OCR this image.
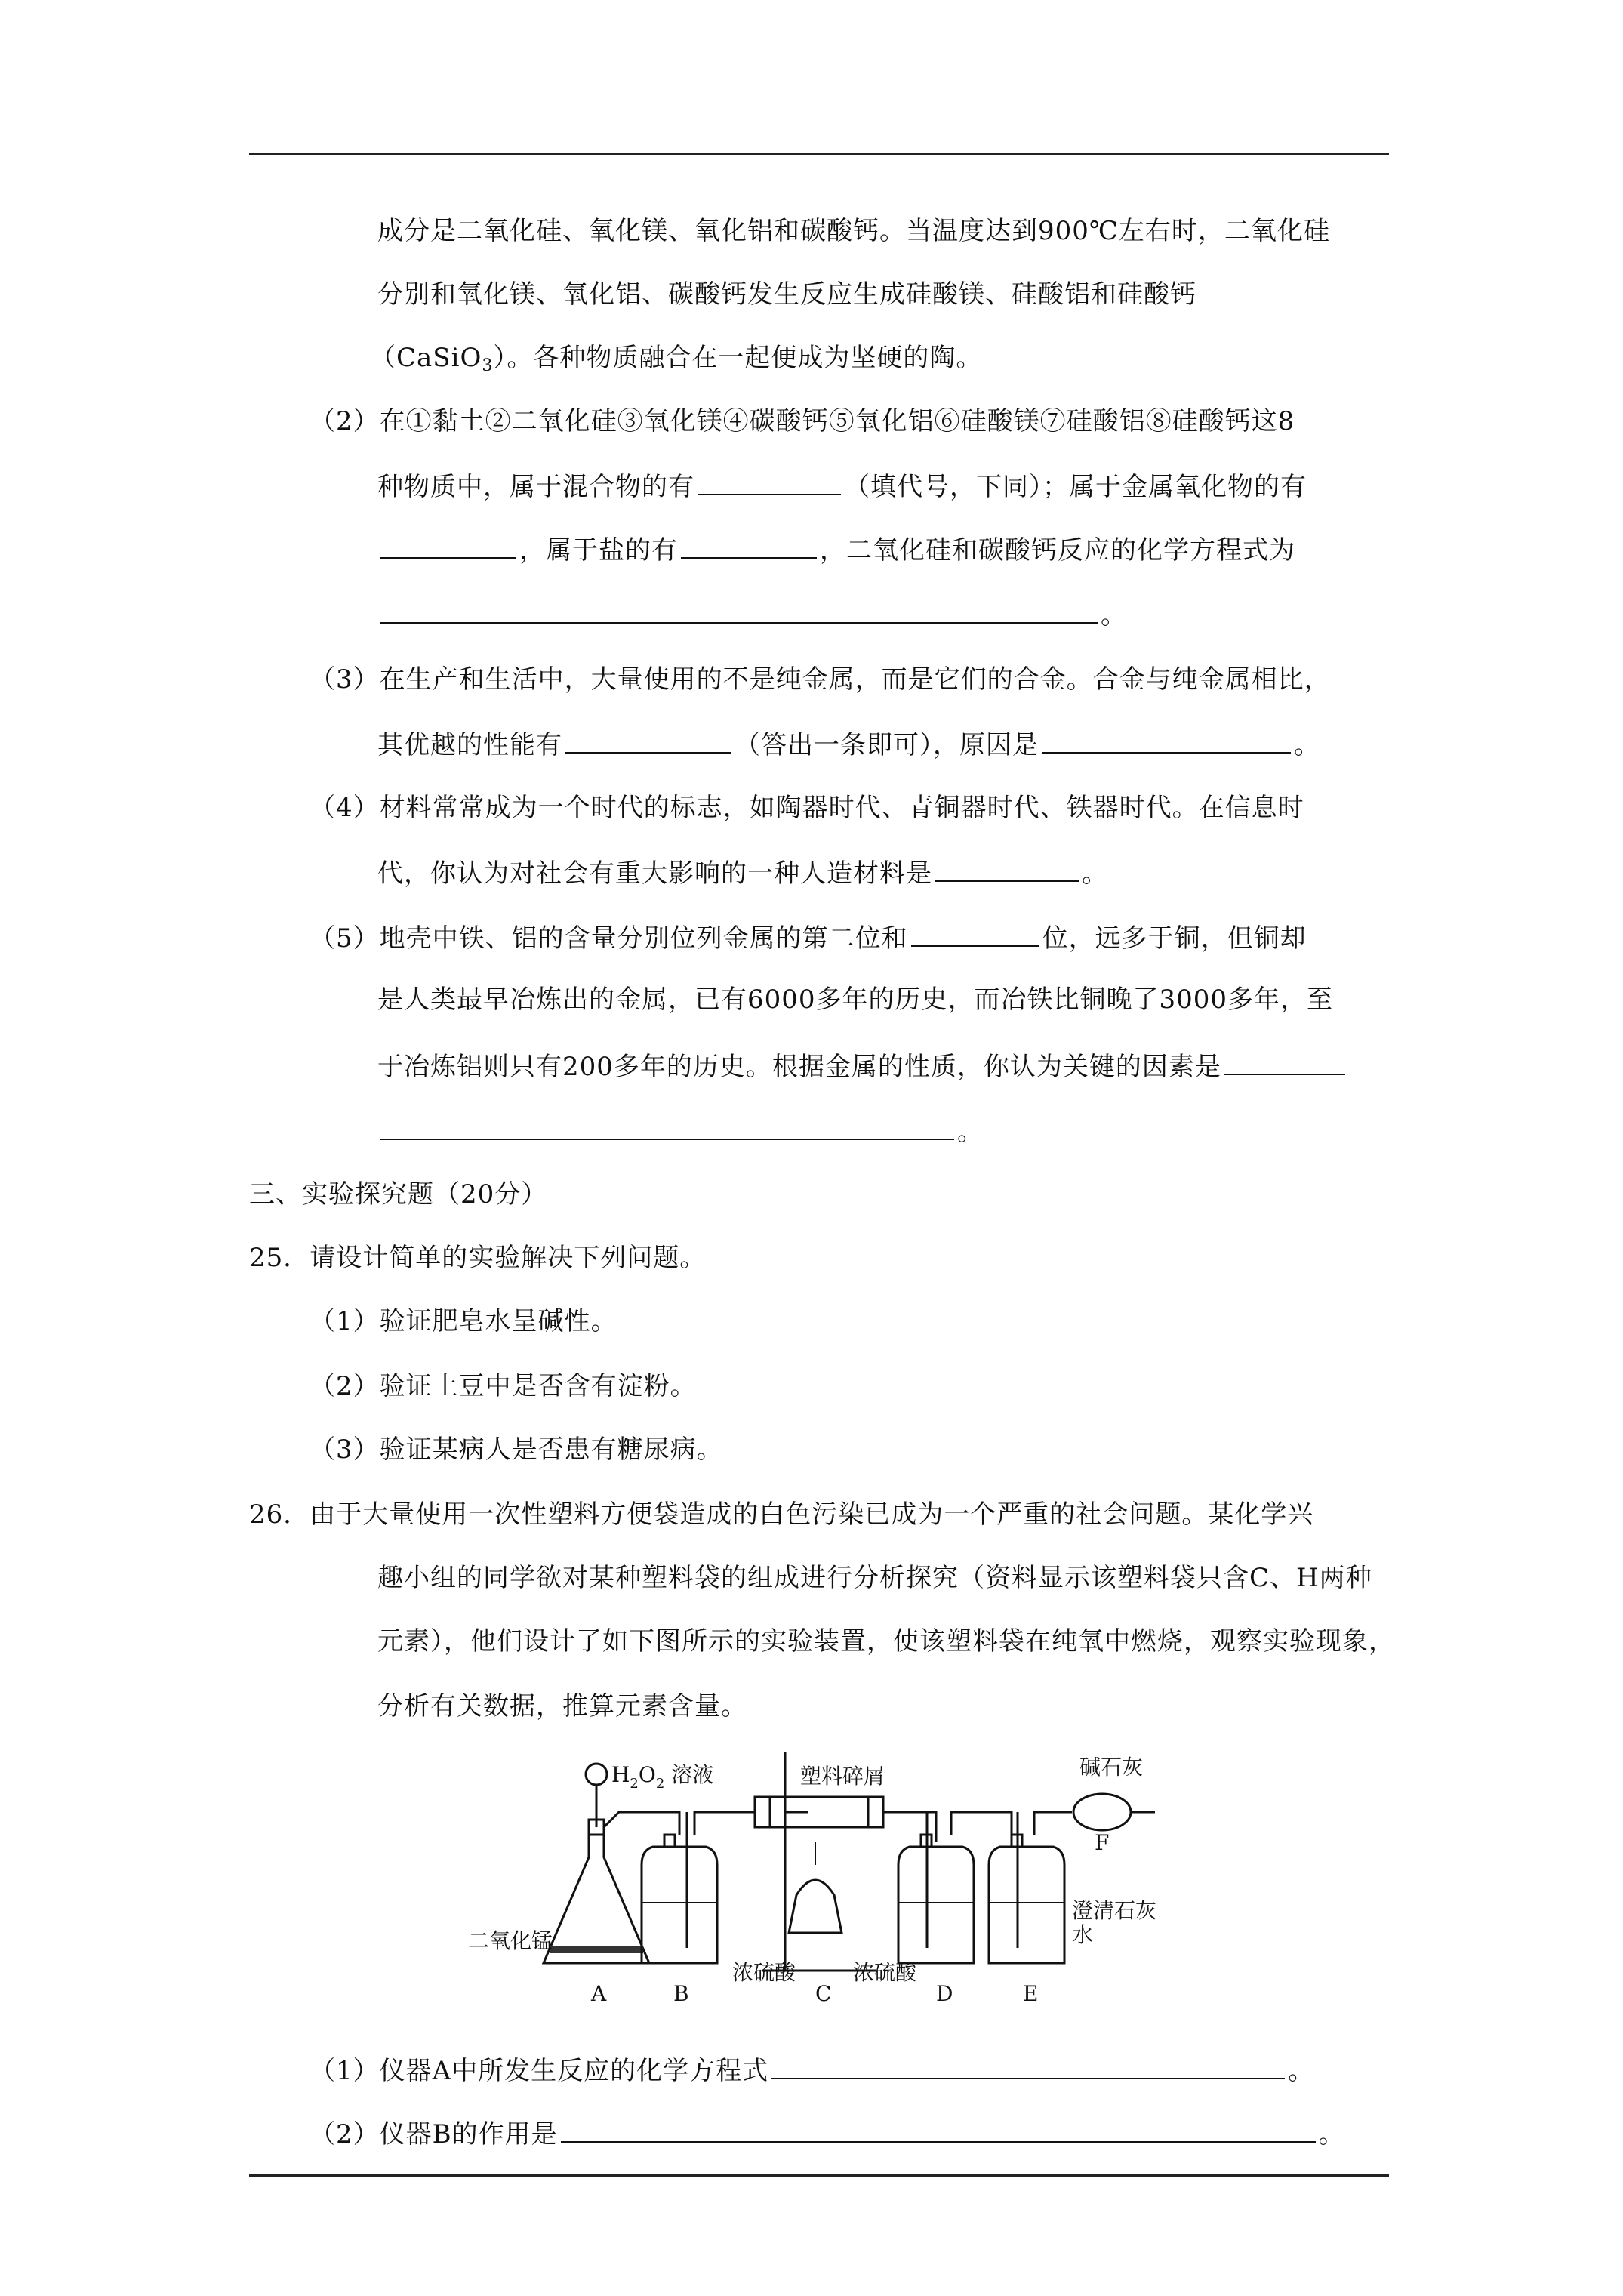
成分是二氧化硅、氧化镁、氧化铝和碳酸钙。当温度达到900℃左右时，二氧化硅
分别和氧化镁、氧化铝、碳酸钙发生反应生成硅酸镁、硅酸铝和硅酸钙
（CaSiO$_3$）。各种物质融合在一起便成为坚硬的陶。
（2）在①黏土②二氧化硅③氧化镁④碳酸钙⑤氧化铝⑥硅酸镁⑦硅酸铝⑧硅酸钙这8
种物质中，属于混合物的有	（填代号，下同）；属于金属氧化物的有
，属于盐的有	，二氧化硅和碳酸钙反应的化学方程式为
。
（3）在生产和生活中，大量使用的不是纯金属，而是它们的合金。合金与纯金属相比，
其优越的性能有	（答出一条即可），原因是	。
（4）材料常常成为一个时代的标志，如陶器时代、青铜器时代、铁器时代。在信息时
代，你认为对社会有重大影响的一种人造材料是	。
（5）地壳中铁、铝的含量分别位列金属的第二位和	位，远多于铜，但铜却
是人类最早冶炼出的金属，已有6000多年的历史，而冶铁比铜晚了3000多年，至
于冶炼铝则只有200多年的历史。根据金属的性质，你认为关键的因素是
。
三、实验探究题（20分）
25．请设计简单的实验解决下列问题。
（1）验证肥皂水呈碱性。
（2）验证土豆中是否含有淀粉。
（3）验证某病人是否患有糖尿病。
26．由于大量使用一次性塑料方便袋造成的白色污染已成为一个严重的社会问题。某化学兴
趣小组的同学欲对某种塑料袋的组成进行分析探究（资料显示该塑料袋只含C、H两种
元素），他们设计了如下图所示的实验装置，使该塑料袋在纯氧中燃烧，观察实验现象，
分析有关数据，推算元素含量。
$H_2O_2$ 溶液	塑料碎屑	碱石灰
二氧化锰
浓硫酸	浓硫酸
澄清石灰
水
A	B	C	D	E
F
（1）仪器A中所发生反应的化学方程式	。
（2）仪器B的作用是	。
